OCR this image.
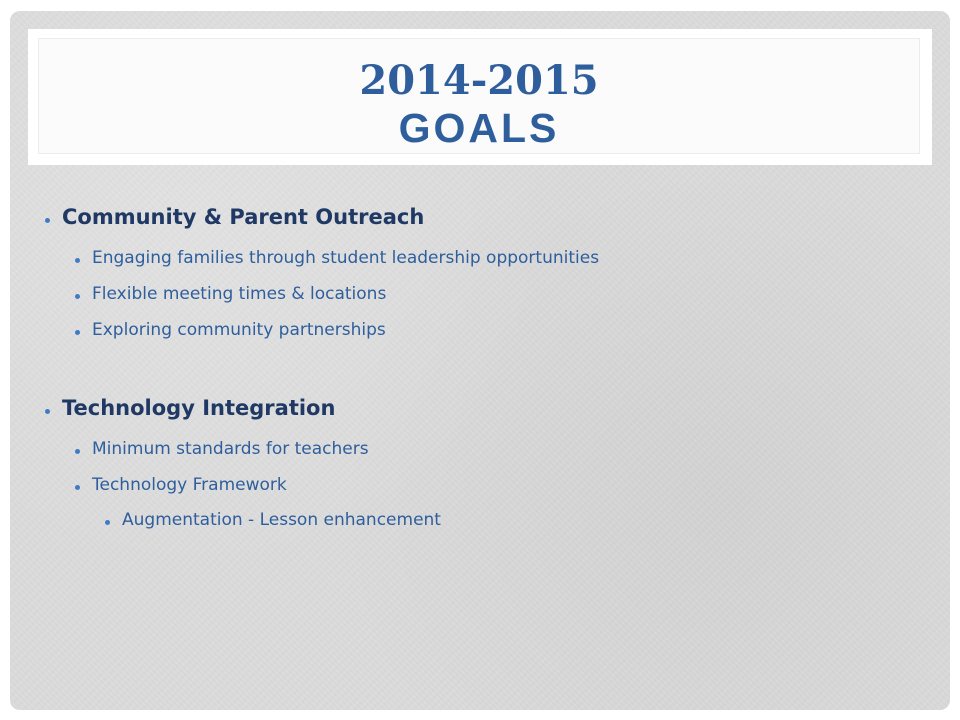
2014-2015
GOALS
Community & Parent Outreach
Engaging families through student leadership opportunities
Flexible meeting times & locations
Exploring community partnerships
Technology Integration
Minimum standards for teachers
Technology Framework
Augmentation - Lesson enhancement
